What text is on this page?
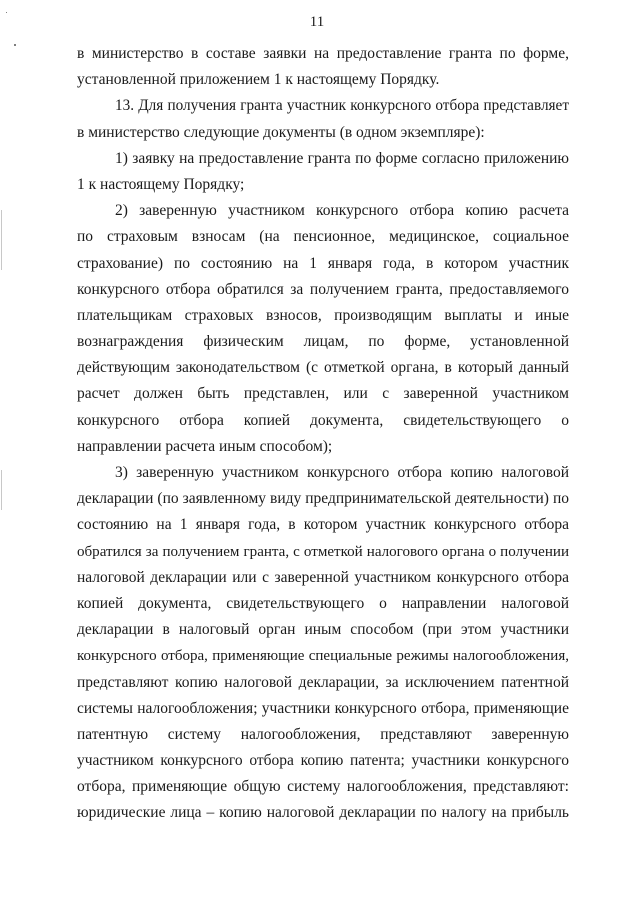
11
в министерство в составе заявки на предоставление гранта по форме,
установленной приложением 1 к настоящему Порядку.
13. Для получения гранта участник конкурсного отбора представляет
в министерство следующие документы (в одном экземпляре):
1) заявку на предоставление гранта по форме согласно приложению
1 к настоящему Порядку;
2) заверенную участником конкурсного отбора копию расчета
по страховым взносам (на пенсионное, медицинское, социальное
страхование) по состоянию на 1 января года, в котором участник
конкурсного отбора обратился за получением гранта, предоставляемого
плательщикам страховых взносов, производящим выплаты и иные
вознаграждения физическим лицам, по форме, установленной
действующим законодательством (с отметкой органа, в который данный
расчет должен быть представлен, или с заверенной участником
конкурсного отбора копией документа, свидетельствующего о
направлении расчета иным способом);
3) заверенную участником конкурсного отбора копию налоговой
декларации (по заявленному виду предпринимательской деятельности) по
состоянию на 1 января года, в котором участник конкурсного отбора
обратился за получением гранта, с отметкой налогового органа о получении
налоговой декларации или с заверенной участником конкурсного отбора
копией документа, свидетельствующего о направлении налоговой
декларации в налоговый орган иным способом (при этом участники
конкурсного отбора, применяющие специальные режимы налогообложения,
представляют копию налоговой декларации, за исключением патентной
системы налогообложения; участники конкурсного отбора, применяющие
патентную систему налогообложения, представляют заверенную
участником конкурсного отбора копию патента; участники конкурсного
отбора, применяющие общую систему налогообложения, представляют:
юридические лица – копию налоговой декларации по налогу на прибыль
